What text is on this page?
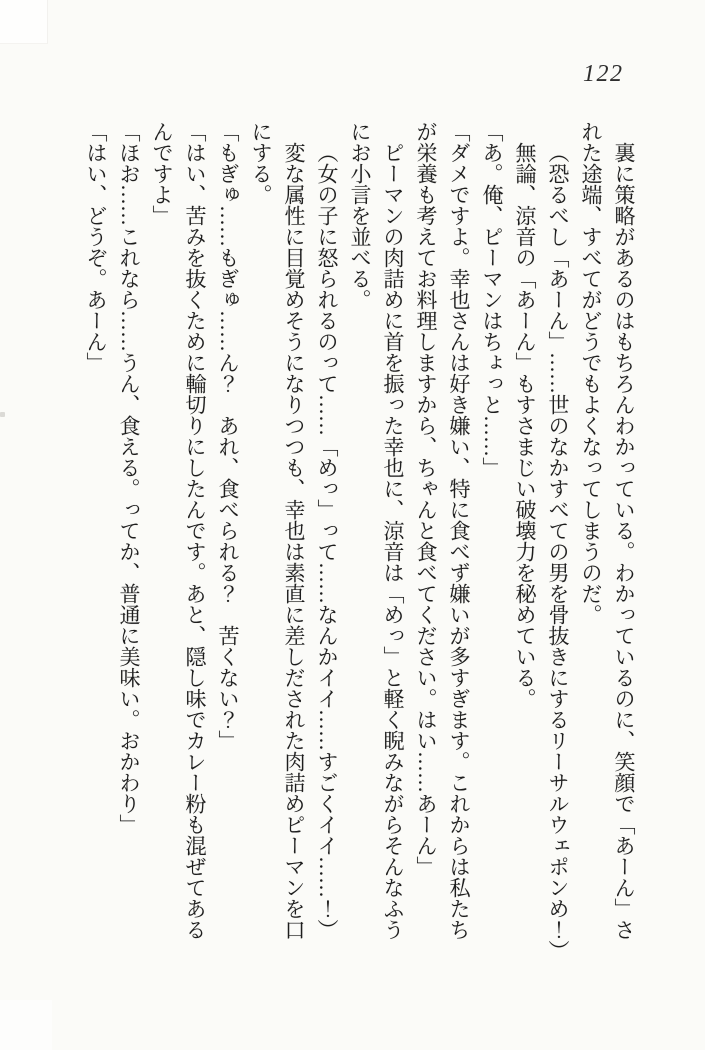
122

裏に策略があるのはもちろんわかっている。わかっているのに、笑顔で「あーん」された途端、すべてがどうでもよくなってしまうのだ。

（恐るべし「あーん」……世のなかすべての男を骨抜きにするリーサルウェポンめ！）

無論、涼音の「あーん」もすさまじい破壊力を秘めている。

「あ。俺、ピーマンはちょっと……」

「ダメですよ。幸也さんは好き嫌い、特に食べず嫌いが多すぎます。これからは私たちが栄養も考えてお料理しますから、ちゃんと食べてください。はい……あーん」

ピーマンの肉詰めに首を振った幸也に、涼音は「めっ」と軽く睨みながらそんなふうにお小言を並べる。

（女の子に怒られるのって……「めっ」って……なんかイイ……すごくイイ……！）

変な属性に目覚めそうになりつつも、幸也は素直に差しだされた肉詰めピーマンを口にする。

「もぎゅ……もぎゅ……ん？　あれ、食べられる？　苦くない？」

「はい、苦みを抜くために輪切りにしたんです。あと、隠し味でカレー粉も混ぜてあるんですよ」

「ほお……これなら……うん、食える。ってか、普通に美味い。おかわり」

「はい、どうぞ。あーん」
